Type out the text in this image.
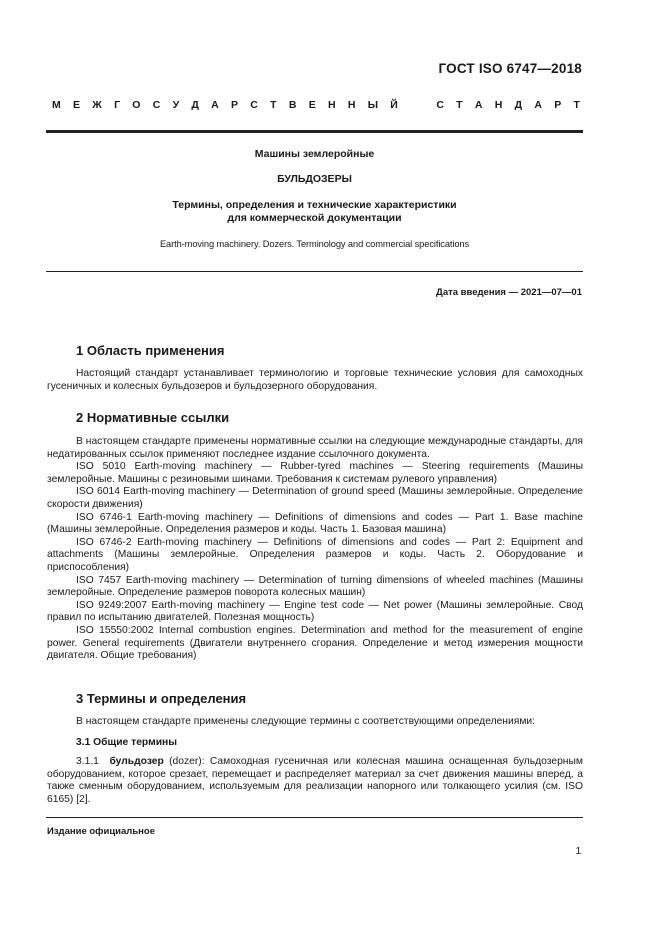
ГОСТ ISO 6747—2018
М Е Ж Г О С У Д А Р С Т В Е Н Н Ы Й	С Т А Н Д А Р Т
Машины землеройные
БУЛЬДОЗЕРЫ
Термины, определения и технические характеристики
для коммерческой документации
Earth-moving machinery. Dozers. Terminology and commercial specifications
Дата введения — 2021—07—01
1 Область применения

Настоящий стандарт устанавливает терминологию и торговые технические условия для самоходных гусеничных и колесных бульдозеров и бульдозерного оборудования.

2 Нормативные ссылки

В настоящем стандарте применены нормативные ссылки на следующие международные стандарты, для недатированных ссылок применяют последнее издание ссылочного документа.

ISO 5010 Earth-moving machinery — Rubber-tyred machines — Steering requirements (Машины землеройные. Машины с резиновыми шинами. Требования к системам рулевого управления)

ISO 6014 Earth-moving machinery — Determination of ground speed (Машины землеройные. Определение скорости движения)

ISO 6746-1 Earth-moving machinery — Definitions of dimensions and codes — Part 1. Base machine (Машины землеройные. Определения размеров и коды. Часть 1. Базовая машина)

ISO 6746-2 Earth-moving machinery — Definitions of dimensions and codes — Part 2: Equipment and attachments (Машины землеройные. Определения размеров и коды. Часть 2. Оборудование и приспособления)

ISO 7457 Earth-moving machinery — Determination of turning dimensions of wheeled machines (Машины землеройные. Определение размеров поворота колесных машин)

ISO 9249:2007 Earth-moving machinery — Engine test code — Net power (Машины землеройные. Свод правил по испытанию двигателей. Полезная мощность)

ISO 15550:2002 Internal combustion engines. Determination and method for the measurement of engine power. General requirements (Двигатели внутреннего сгорания. Определение и метод измерения мощности двигателя. Общие требования)

3 Термины и определения

В настоящем стандарте применены следующие термины с соответствующими определениями:

3.1 Общие термины

3.1.1 бульдозер (dozer): Самоходная гусеничная или колесная машина оснащенная бульдозерным оборудованием, которое срезает, перемещает и распределяет материал за счет движения машины вперед, а также сменным оборудованием, используемым для реализации напорного или толкающего усилия (см. ISO 6165) [2].

Издание официальное
1
